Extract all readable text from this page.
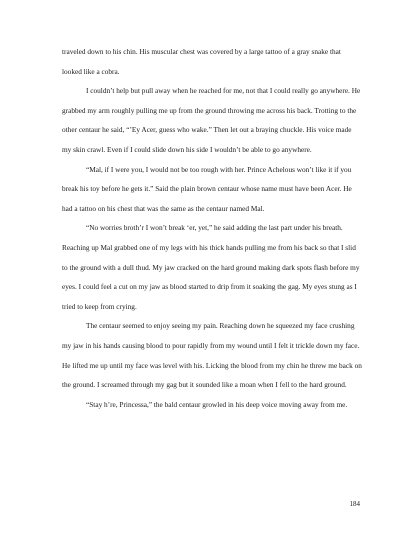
traveled down to his chin. His muscular chest was covered by a large tattoo of a gray snake that looked like a cobra.

I couldn’t help but pull away when he reached for me, not that I could really go anywhere. He grabbed my arm roughly pulling me up from the ground throwing me across his back. Trotting to the other centaur he said, “’Ey Acer, guess who wake.” Then let out a braying chuckle. His voice made my skin crawl. Even if I could slide down his side I wouldn’t be able to go anywhere.

“Mal, if I were you, I would not be too rough with her. Prince Achelous won’t like it if you break his toy before he gets it.” Said the plain brown centaur whose name must have been Acer. He had a tattoo on his chest that was the same as the centaur named Mal.

“No worries broth’r I won’t break ‘er, yet,” he said adding the last part under his breath. Reaching up Mal grabbed one of my legs with his thick hands pulling me from his back so that I slid to the ground with a dull thud. My jaw cracked on the hard ground making dark spots flash before my eyes. I could feel a cut on my jaw as blood started to drip from it soaking the gag. My eyes stung as I tried to keep from crying.

The centaur seemed to enjoy seeing my pain. Reaching down he squeezed my face crushing my jaw in his hands causing blood to pour rapidly from my wound until I felt it trickle down my face. He lifted me up until my face was level with his. Licking the blood from my chin he threw me back on the ground. I screamed through my gag but it sounded like a moan when I fell to the hard ground.

“Stay h’re, Princessa,” the bald centaur growled in his deep voice moving away from me.

184
